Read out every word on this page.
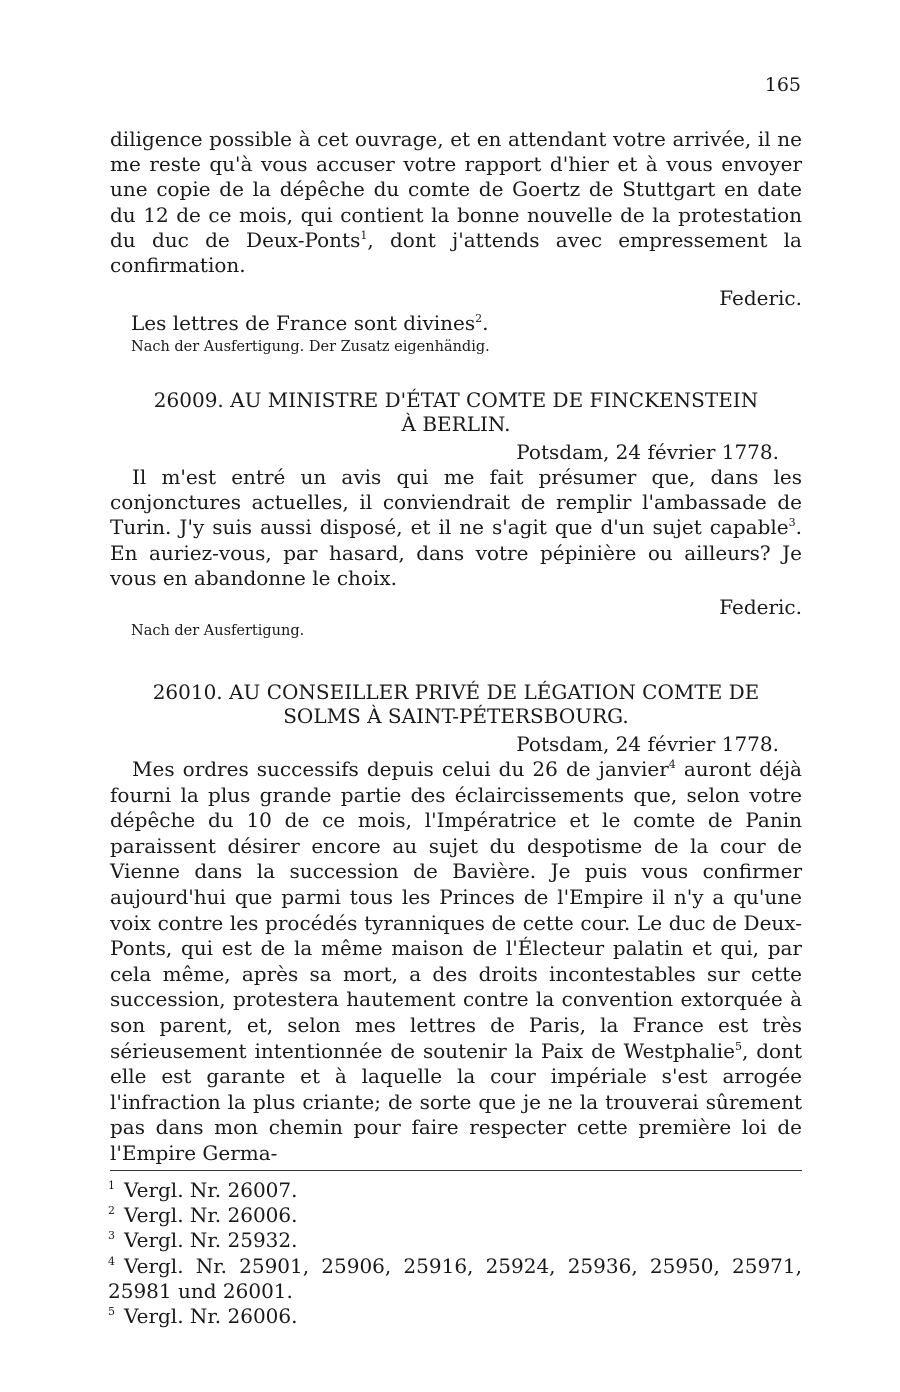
165

diligence possible à cet ouvrage, et en attendant votre arrivée, il ne me reste qu'à vous accuser votre rapport d'hier et à vous envoyer une copie de la dépêche du comte de Goertz de Stuttgart en date du 12 de ce mois, qui contient la bonne nouvelle de la protestation du duc de Deux-Ponts$^1$, dont j'attends avec empressement la confirmation.

Federic.
Les lettres de France sont divines$^2$.
Nach der Ausfertigung. Der Zusatz eigenhändig.
26009. AU MINISTRE D'ÉTAT COMTE DE FINCKENSTEIN
À BERLIN.
Potsdam, 24 février 1778.

Il m'est entré un avis qui me fait présumer que, dans les conjonctures actuelles, il conviendrait de remplir l'ambassade de Turin. J'y suis aussi disposé, et il ne s'agit que d'un sujet capable$^3$. En auriez-vous, par hasard, dans votre pépinière ou ailleurs? Je vous en abandonne le choix.

Federic.
Nach der Ausfertigung.
26010. AU CONSEILLER PRIVÉ DE LÉGATION COMTE DE
SOLMS À SAINT-PÉTERSBOURG.
Potsdam, 24 février 1778.

Mes ordres successifs depuis celui du 26 de janvier$^4$ auront déjà fourni la plus grande partie des éclaircissements que, selon votre dépêche du 10 de ce mois, l'Impératrice et le comte de Panin paraissent désirer encore au sujet du despotisme de la cour de Vienne dans la succession de Bavière. Je puis vous confirmer aujourd'hui que parmi tous les Princes de l'Empire il n'y a qu'une voix contre les procédés tyranniques de cette cour. Le duc de Deux-Ponts, qui est de la même maison de l'Électeur palatin et qui, par cela même, après sa mort, a des droits incontestables sur cette succession, protestera hautement contre la convention extorquée à son parent, et, selon mes lettres de Paris, la France est très sérieusement intentionnée de soutenir la Paix de Westphalie$^5$, dont elle est garante et à laquelle la cour impériale s'est arrogée l'infraction la plus criante; de sorte que je ne la trouverai sûrement pas dans mon chemin pour faire respecter cette première loi de l'Empire Germa-

$^1$ Vergl. Nr. 26007.

$^2$ Vergl. Nr. 26006.

$^3$ Vergl. Nr. 25932.

$^4$ Vergl. Nr. 25901, 25906, 25916, 25924, 25936, 25950, 25971, 25981 und 26001.

$^5$ Vergl. Nr. 26006.
